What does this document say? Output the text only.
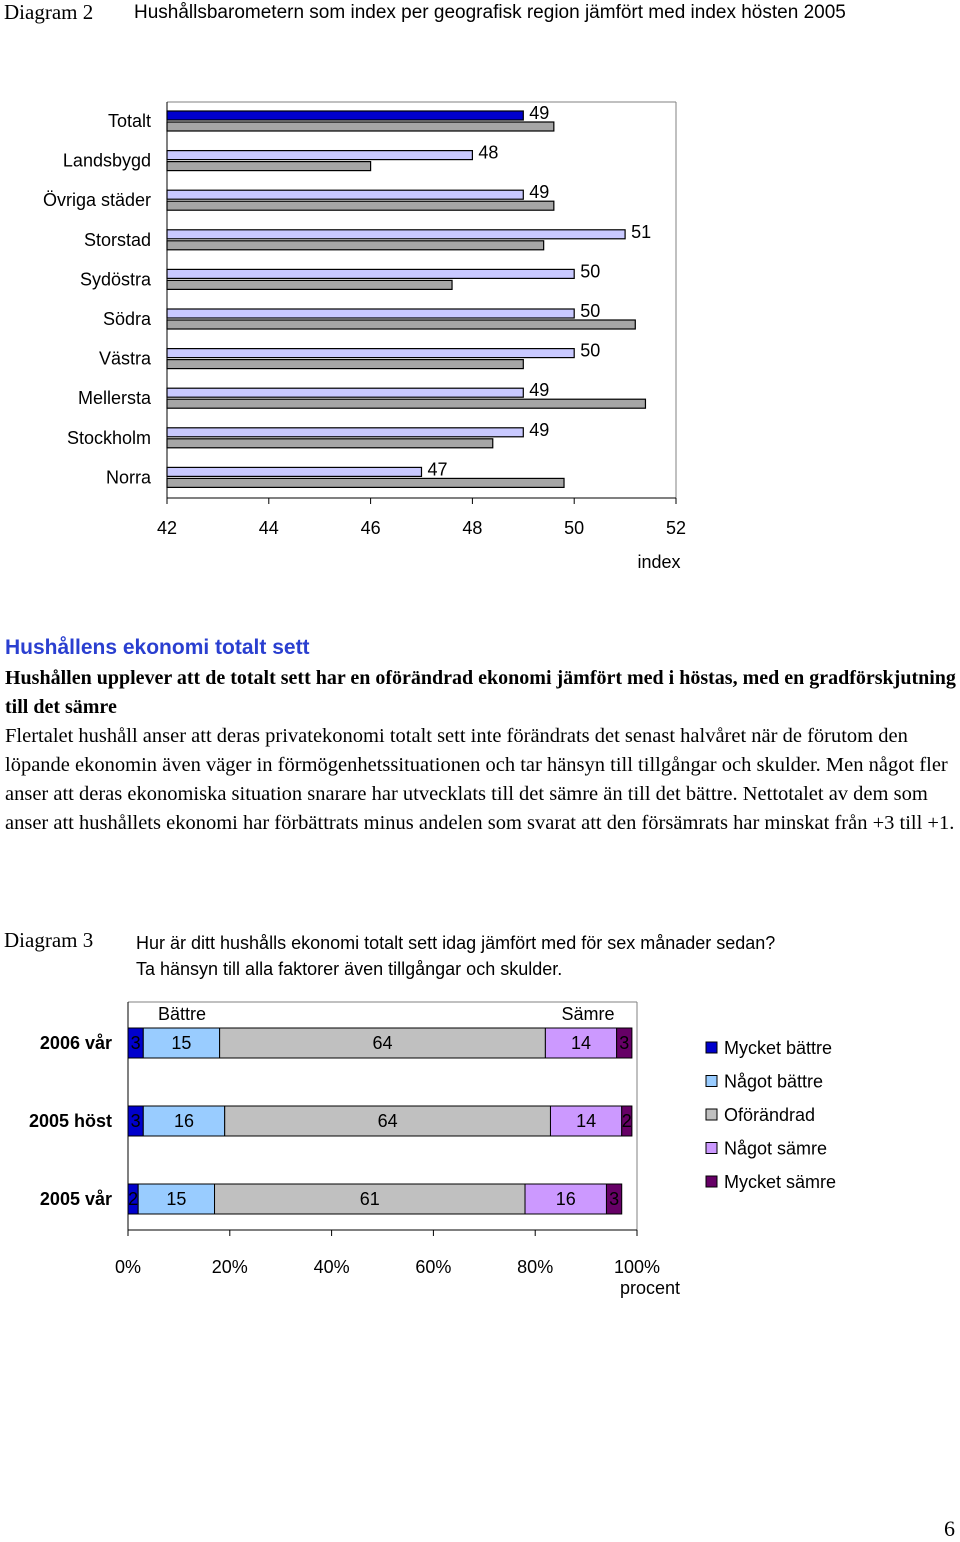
Diagram 2 Hushållsbarometern som index per geografisk region jämfört med index hösten 2005
Totalt
Landsbygd
Övriga städer
Storstad
Sydöstra
Södra
Västra
Mellersta
Stockholm
Norra
49
48
49
51
50
50
50
49
49
47
42	44	46	48	50	52
index
Hushållens ekonomi totalt sett

Hushållen upplever att de totalt sett har en oförändrad ekonomi jämfört med i höstas, med en gradförskjutning till det sämre

Flertalet hushåll anser att deras privatekonomi totalt sett inte förändrats det senast halvåret när de förutom den löpande ekonomin även väger in förmögenhetssituationen och tar hänsyn till tillgångar och skulder. Men något fler anser att deras ekonomiska situation snarare har utvecklats till det sämre än till det bättre. Nettotalet av dem som anser att hushållets ekonomi har förbättrats minus andelen som svarat att den försämrats har minskat från +3 till +1.

Diagram 3 Hur är ditt hushålls ekonomi totalt sett idag jämfört med för sex månader sedan?
Ta hänsyn till alla faktorer även tillgångar och skulder.
2006 vår
2005 höst
2005 vår
3 15	64	14 3
3 16	64	14 2
2 15	61	16 3
Bättre	Sämre
0%	20%	40%	60%	80%	100%
procent
Mycket bättre
Något bättre
Oförändrad
Något sämre
Mycket sämre
6
